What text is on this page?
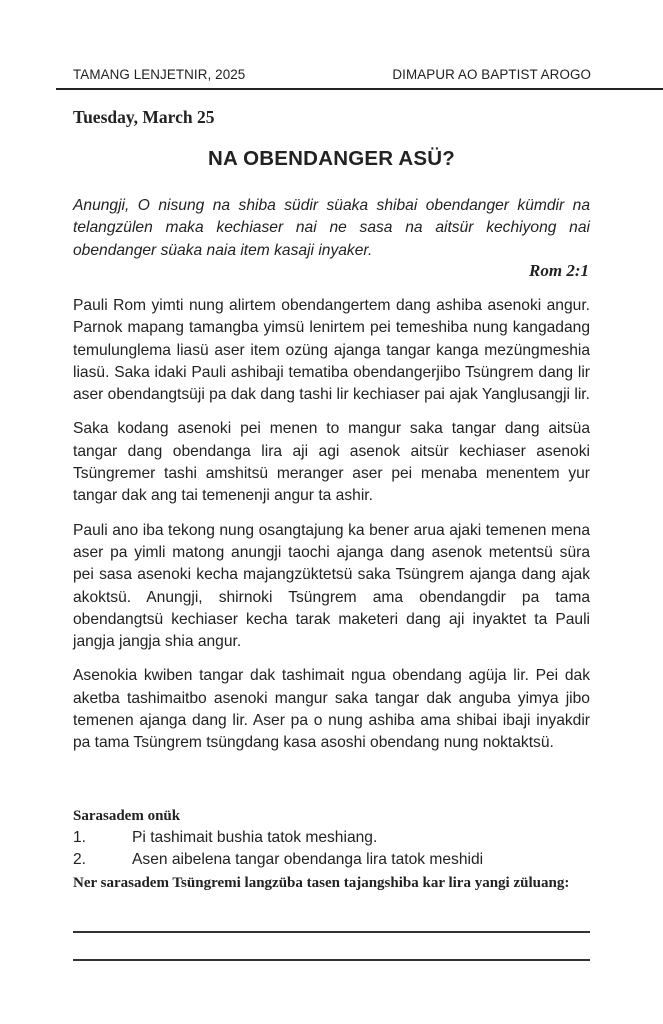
TAMANG LENJETNIR, 2025	DIMAPUR AO BAPTIST AROGO
Tuesday, March 25
NA OBENDANGER ASÜ?

Anungji, O nisung na shiba südir süaka shibai obendanger kümdir na telangzülen maka kechiaser nai ne sasa na aitsür kechiyong nai obendanger süaka naia item kasaji inyaker.

Rom 2:1

Pauli Rom yimti nung alirtem obendangertem dang ashiba asenoki angur. Parnok mapang tamangba yimsü lenirtem pei temeshiba nung kangadang temulunglema liasü aser item ozüng ajanga tangar kanga mezüngmeshia liasü. Saka idaki Pauli ashibaji tematiba obendangerjibo Tsüngrem dang lir aser obendangtsüji pa dak dang tashi lir kechiaser pai ajak Yanglusangji lir.

Saka kodang asenoki pei menen to mangur saka tangar dang aitsüa tangar dang obendanga lira aji agi asenok aitsür kechiaser asenoki Tsüngremer tashi amshitsü meranger aser pei menaba menentem yur tangar dak ang tai temenenji angur ta ashir.

Pauli ano iba tekong nung osangtajung ka bener arua ajaki temenen mena aser pa yimli matong anungji taochi ajanga dang asenok metentsü süra pei sasa asenoki kecha majangzüktetsü saka Tsüngrem ajanga dang ajak akoktsü. Anungji, shirnoki Tsüngrem ama obendangdir pa tama obendangtsü kechiaser kecha tarak maketeri dang aji inyaktet ta Pauli jangja jangja shia angur.

Asenokia kwiben tangar dak tashimait ngua obendang agüja lir. Pei dak aketba tashimaitbo asenoki mangur saka tangar dak anguba yimya jibo temenen ajanga dang lir. Aser pa o nung ashiba ama shibai ibaji inyakdir pa tama Tsüngrem tsüngdang kasa asoshi obendang nung noktaktsü.

Sarasadem onük
1.	Pi tashimait bushia tatok meshiang.
2.	Asen aibelena tangar obendanga lira tatok meshidi
Ner sarasadem Tsüngremi langzüba tasen tajangshiba kar lira yangi züluang:
